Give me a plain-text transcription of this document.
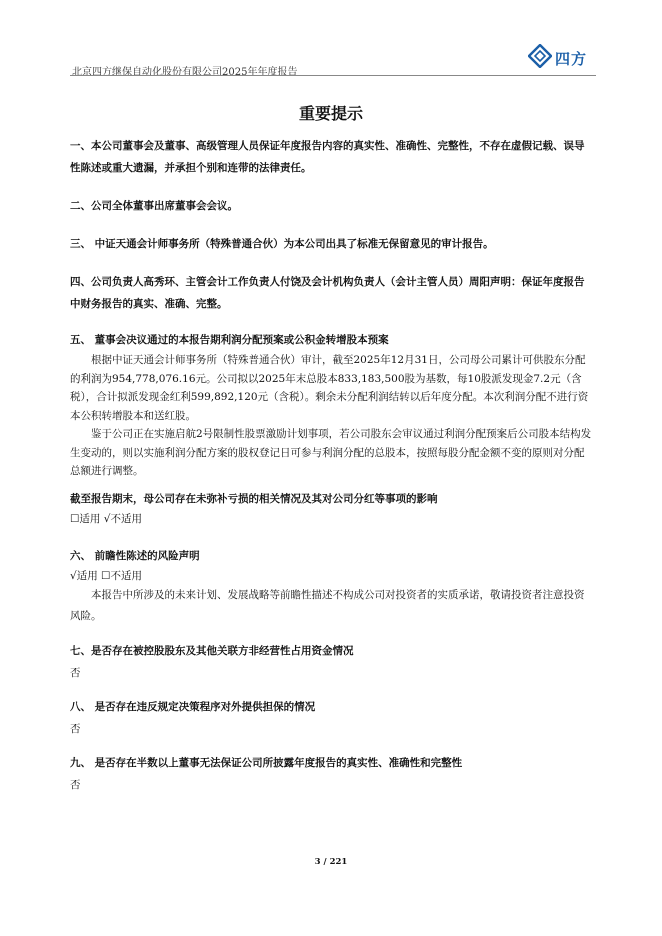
北京四方继保自动化股份有限公司2025年年度报告
四方
重要提示
一、本公司董事会及董事、高级管理人员保证年度报告内容的真实性、准确性、完整性，不存在虚假记载、误导性陈述或重大遗漏，并承担个别和连带的法律责任。
二、公司全体董事出席董事会会议。
三、 中证天通会计师事务所（特殊普通合伙）为本公司出具了标准无保留意见的审计报告。
四、公司负责人高秀环、主管会计工作负责人付饶及会计机构负责人（会计主管人员）周阳声明：保证年度报告中财务报告的真实、准确、完整。
五、 董事会决议通过的本报告期利润分配预案或公积金转增股本预案
根据中证天通会计师事务所（特殊普通合伙）审计，截至2025年12月31日，公司母公司累计可供股东分配的利润为954,778,076.16元。公司拟以2025年末总股本833,183,500股为基数，每10股派发现金7.2元（含税），合计拟派发现金红利599,892,120元（含税）。剩余未分配利润结转以后年度分配。本次利润分配不进行资本公积转增股本和送红股。
鉴于公司正在实施启航2号限制性股票激励计划事项，若公司股东会审议通过利润分配预案后公司股本结构发生变动的，则以实施利润分配方案的股权登记日可参与利润分配的总股本，按照每股分配金额不变的原则对分配总额进行调整。
截至报告期末，母公司存在未弥补亏损的相关情况及其对公司分红等事项的影响
☐适用 √不适用
六、 前瞻性陈述的风险声明
√适用 ☐不适用
本报告中所涉及的未来计划、发展战略等前瞻性描述不构成公司对投资者的实质承诺，敬请投资者注意投资风险。
七、是否存在被控股股东及其他关联方非经营性占用资金情况
否
八、 是否存在违反规定决策程序对外提供担保的情况
否
九、 是否存在半数以上董事无法保证公司所披露年度报告的真实性、准确性和完整性
否
3 / 221
